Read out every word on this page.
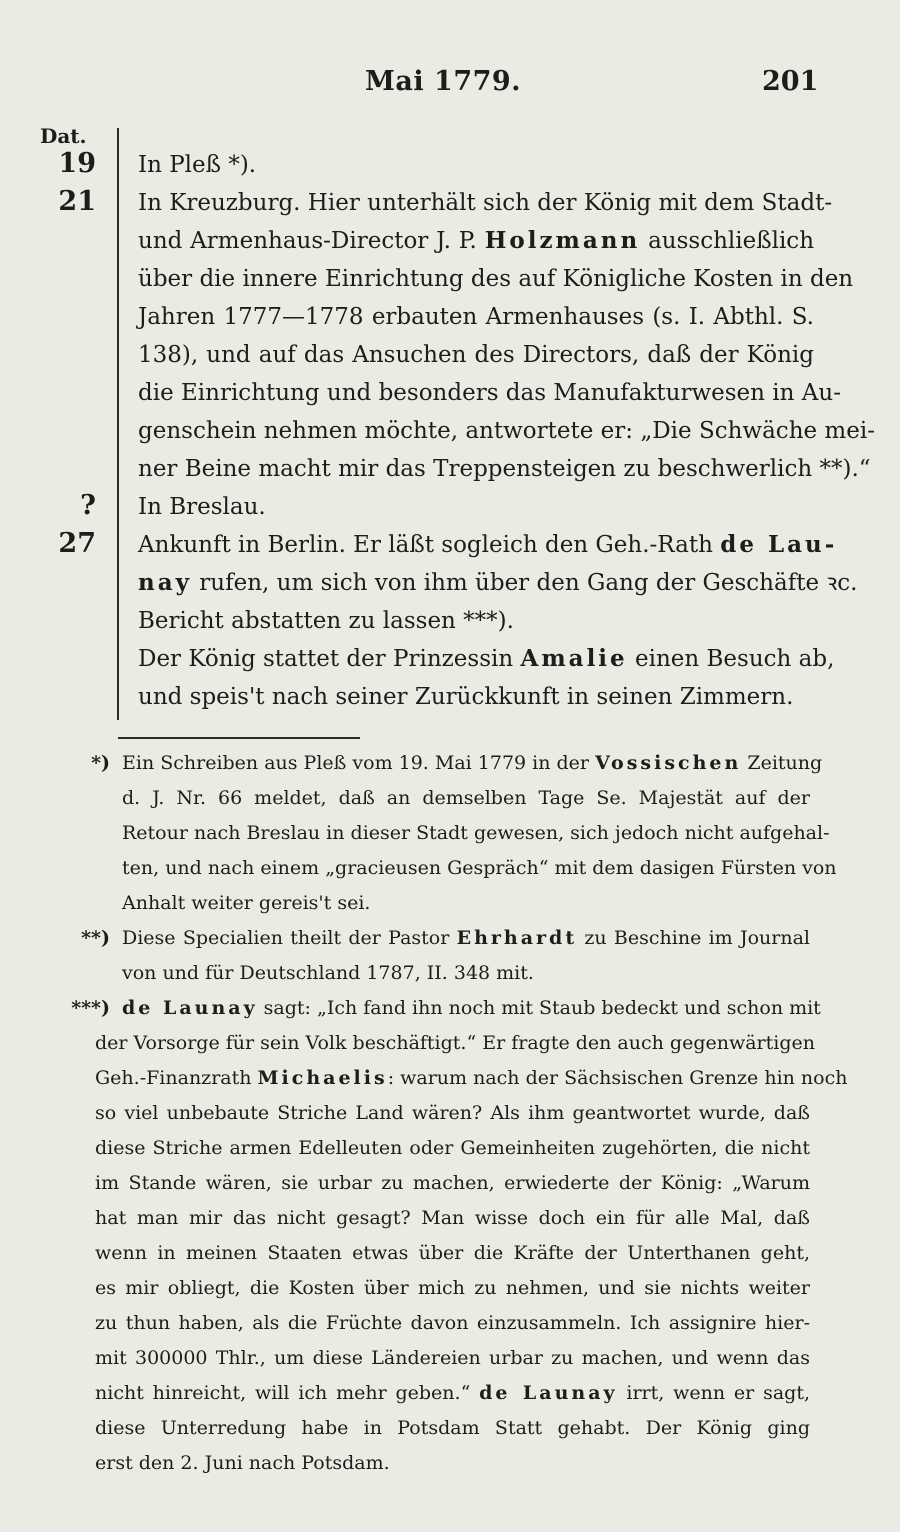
Mai 1779.	201
Dat.
19 In Pleß *).
21 In Kreuzburg. Hier unterhält sich der König mit dem Stadt-
und Armenhaus-Director J. P. Holzmann ausschließlich
über die innere Einrichtung des auf Königliche Kosten in den
Jahren 1777—1778 erbauten Armenhauses (s. I. Abthl. S.
138), und auf das Ansuchen des Directors, daß der König
die Einrichtung und besonders das Manufakturwesen in Au-
genschein nehmen möchte, antwortete er: „Die Schwäche mei-
ner Beine macht mir das Treppensteigen zu beschwerlich **).“
? In Breslau.
27 Ankunft in Berlin. Er läßt sogleich den Geh.-Rath de Lau-
nay rufen, um sich von ihm über den Gang der Geschäfte ꝛc.
Bericht abstatten zu lassen ***).
Der König stattet der Prinzessin Amalie einen Besuch ab,
und speis't nach seiner Zurückkunft in seinen Zimmern.
*) Ein Schreiben aus Pleß vom 19. Mai 1779 in der Vossischen Zeitung
d. J. Nr. 66 meldet, daß an demselben Tage Se. Majestät auf der
Retour nach Breslau in dieser Stadt gewesen, sich jedoch nicht aufgehal-
ten, und nach einem „gracieusen Gespräch“ mit dem dasigen Fürsten von
Anhalt weiter gereis't sei.
**) Diese Specialien theilt der Pastor Ehrhardt zu Beschine im Journal
von und für Deutschland 1787, II. 348 mit.
***) de Launay sagt: „Ich fand ihn noch mit Staub bedeckt und schon mit
der Vorsorge für sein Volk beschäftigt.“ Er fragte den auch gegenwärtigen
Geh.-Finanzrath Michaelis: warum nach der Sächsischen Grenze hin noch
so viel unbebaute Striche Land wären? Als ihm geantwortet wurde, daß
diese Striche armen Edelleuten oder Gemeinheiten zugehörten, die nicht
im Stande wären, sie urbar zu machen, erwiederte der König: „Warum
hat man mir das nicht gesagt? Man wisse doch ein für alle Mal, daß
wenn in meinen Staaten etwas über die Kräfte der Unterthanen geht,
es mir obliegt, die Kosten über mich zu nehmen, und sie nichts weiter
zu thun haben, als die Früchte davon einzusammeln. Ich assignire hier-
mit 300000 Thlr., um diese Ländereien urbar zu machen, und wenn das
nicht hinreicht, will ich mehr geben.“ de Launay irrt, wenn er sagt,
diese Unterredung habe in Potsdam Statt gehabt. Der König ging
erst den 2. Juni nach Potsdam.
